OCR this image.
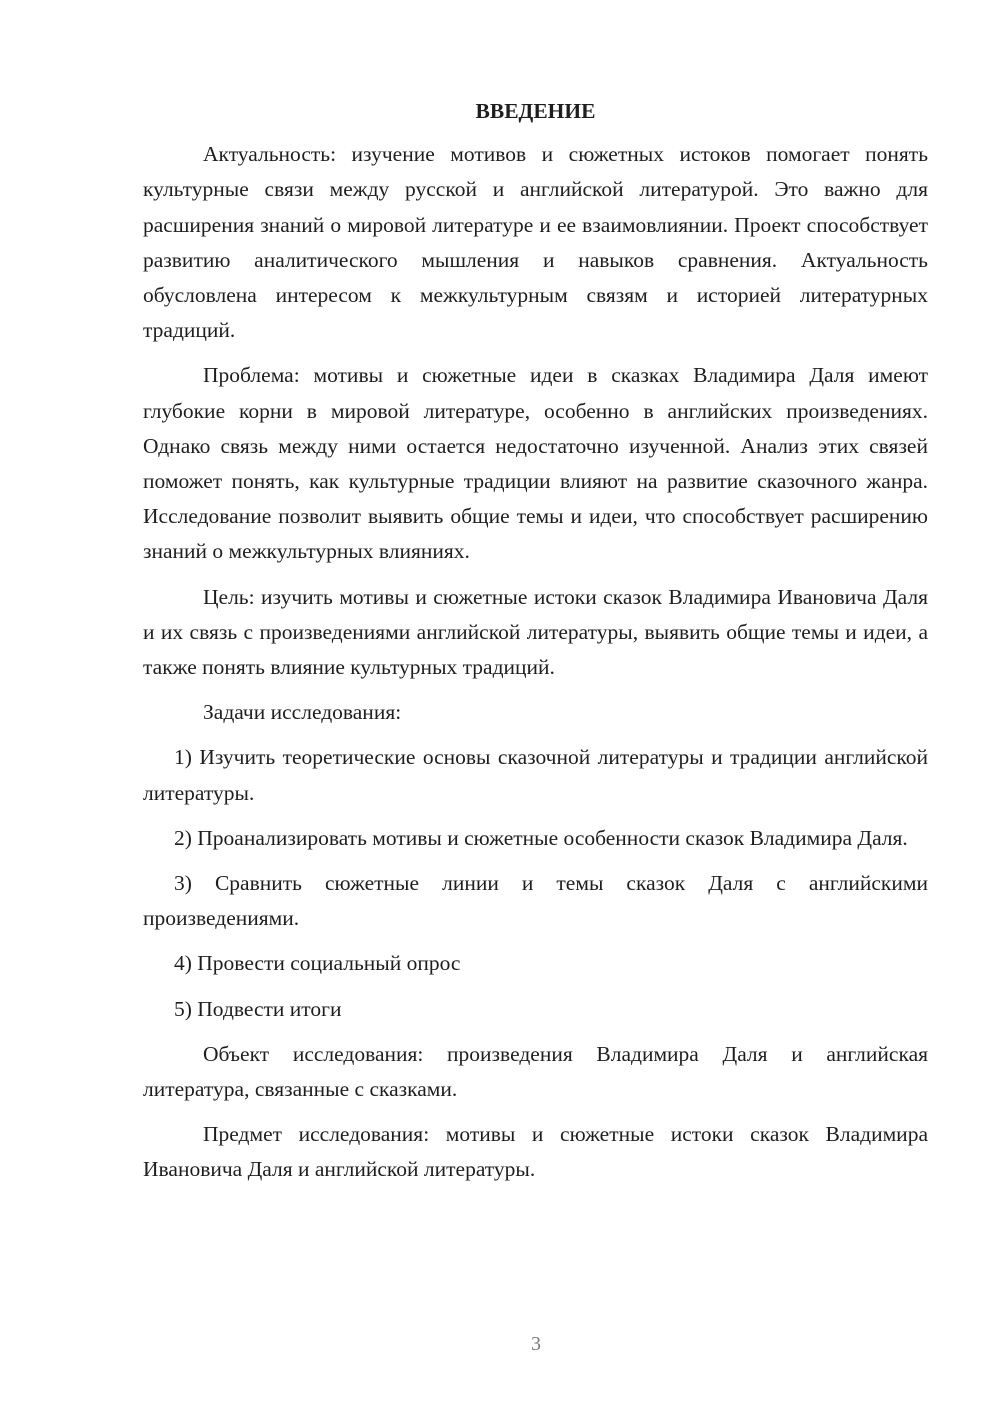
ВВЕДЕНИЕ

Актуальность: изучение мотивов и сюжетных истоков помогает понять культурные связи между русской и английской литературой. Это важно для расширения знаний о мировой литературе и ее взаимовлиянии. Проект способствует развитию аналитического мышления и навыков сравнения. Актуальность обусловлена интересом к межкультурным связям и историей литературных традиций.

Проблема: мотивы и сюжетные идеи в сказках Владимира Даля имеют глубокие корни в мировой литературе, особенно в английских произведениях. Однако связь между ними остается недостаточно изученной. Анализ этих связей поможет понять, как культурные традиции влияют на развитие сказочного жанра. Исследование позволит выявить общие темы и идеи, что способствует расширению знаний о межкультурных влияниях.

Цель: изучить мотивы и сюжетные истоки сказок Владимира Ивановича Даля и их связь с произведениями английской литературы, выявить общие темы и идеи, а также понять влияние культурных традиций.

Задачи исследования:

1) Изучить теоретические основы сказочной литературы и традиции английской литературы.

2) Проанализировать мотивы и сюжетные особенности сказок Владимира Даля.

3) Сравнить сюжетные линии и темы сказок Даля с английскими произведениями.

4) Провести социальный опрос

5) Подвести итоги

Объект исследования: произведения Владимира Даля и английская литература, связанные с сказками.

Предмет исследования: мотивы и сюжетные истоки сказок Владимира Ивановича Даля и английской литературы.

3
